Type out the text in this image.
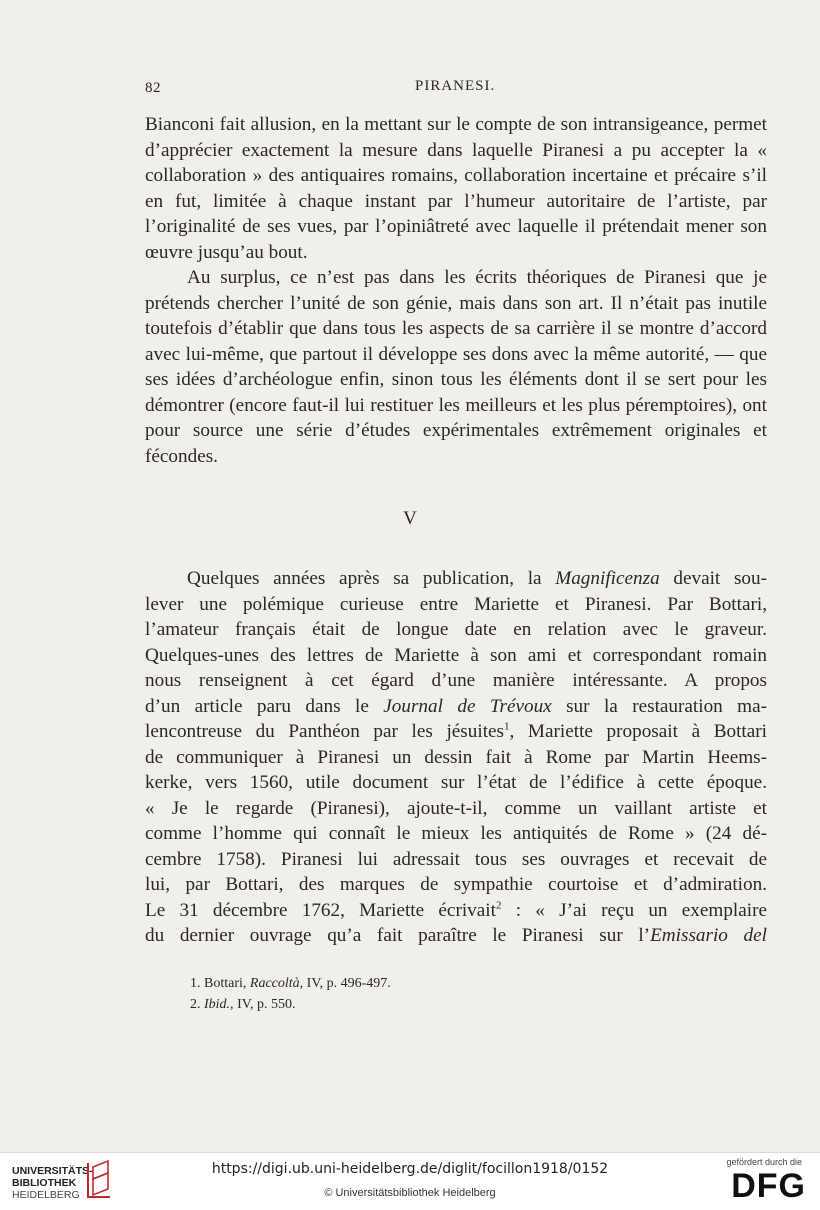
82	PIRANESI.

Bianconi fait allusion, en la mettant sur le compte de son intransigeance, permet d’apprécier exactement la mesure dans laquelle Piranesi a pu accepter la « collaboration » des antiquaires romains, collaboration incertaine et précaire s’il en fut, limitée à chaque instant par l’humeur autoritaire de l’artiste, par l’originalité de ses vues, par l’opiniâtreté avec laquelle il prétendait mener son œuvre jusqu’au bout.

Au surplus, ce n’est pas dans les écrits théoriques de Piranesi que je prétends chercher l’unité de son génie, mais dans son art. Il n’était pas inutile toutefois d’établir que dans tous les aspects de sa carrière il se montre d’accord avec lui-même, que partout il développe ses dons avec la même autorité, — que ses idées d’archéologue enfin, sinon tous les éléments dont il se sert pour les démontrer (encore faut-il lui restituer les meilleurs et les plus péremptoires), ont pour source une série d’études expérimentales extrêmement originales et fécondes.

V
Quelques années après sa publication, la Magnificenza devait sou-
lever une polémique curieuse entre Mariette et Piranesi. Par Bottari,
l’amateur français était de longue date en relation avec le graveur.
Quelques-unes des lettres de Mariette à son ami et correspondant romain
nous renseignent à cet égard d’une manière intéressante. A propos
d’un article paru dans le Journal de Trévoux sur la restauration ma-
lencontreuse du Panthéon par les jésuites$^1$, Mariette proposait à Bottari
de communiquer à Piranesi un dessin fait à Rome par Martin Heems-
kerke, vers 1560, utile document sur l’état de l’édifice à cette époque.
« Je le regarde (Piranesi), ajoute-t-il, comme un vaillant artiste et
comme l’homme qui connaît le mieux les antiquités de Rome » (24 dé-
cembre 1758). Piranesi lui adressait tous ses ouvrages et recevait de
lui, par Bottari, des marques de sympathie courtoise et d’admiration.
Le 31 décembre 1762, Mariette écrivait$^2$ : « J’ai reçu un exemplaire
du dernier ouvrage qu’a fait paraître le Piranesi sur l’Emissario del
1. Bottari, Raccoltà, IV, p. 496-497.
2. Ibid., IV, p. 550.
UNIVERSITÄTS-
BIBLIOTHEK
HEIDELBERG
https://digi.ub.uni-heidelberg.de/diglit/focillon1918/0152
© Universitätsbibliothek Heidelberg
gefördert durch die
DFG
